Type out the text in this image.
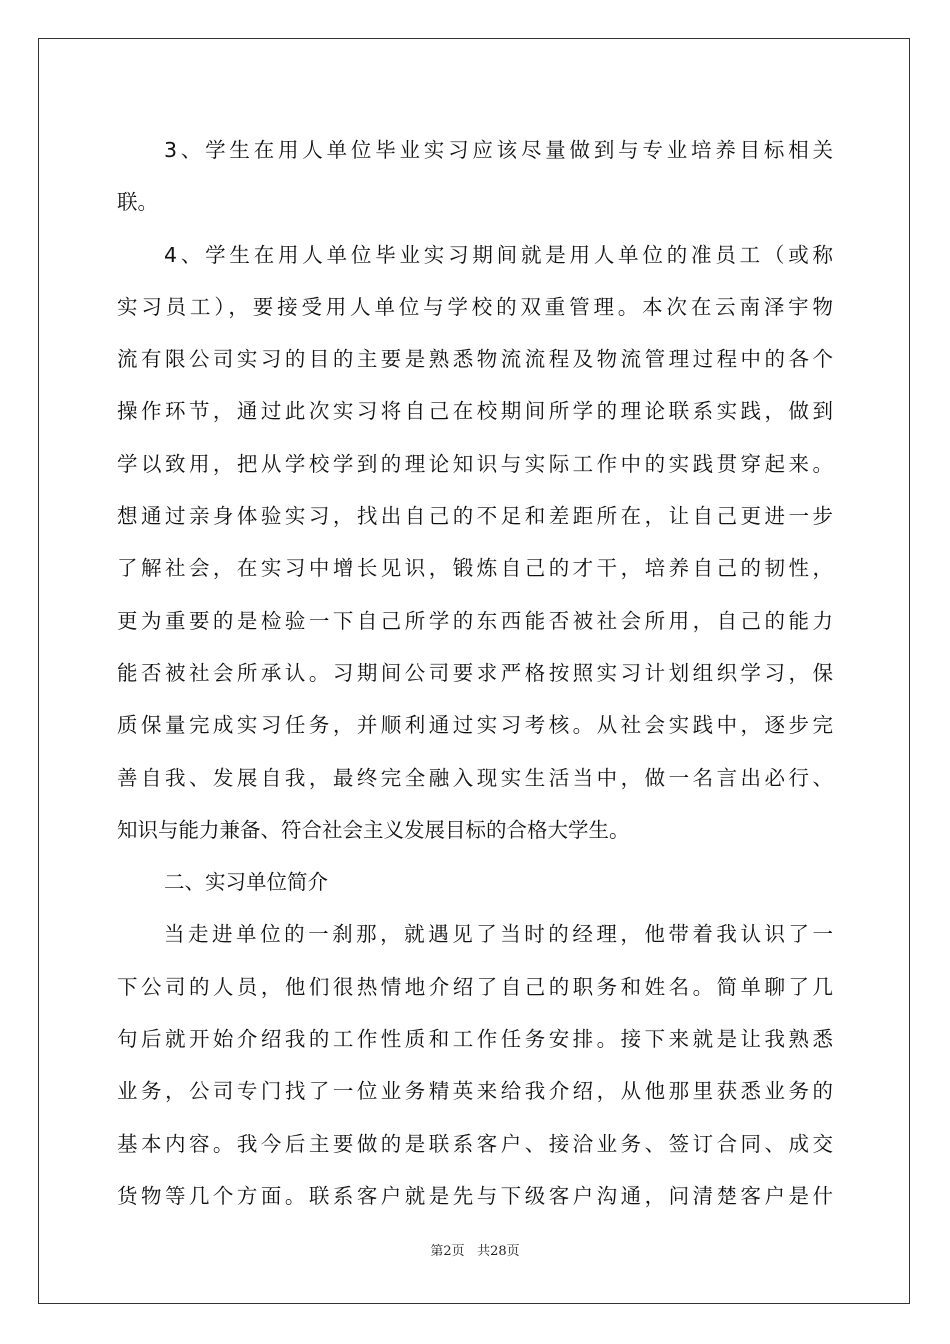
3、学生在用人单位毕业实习应该尽量做到与专业培养目标相关
联。
4、学生在用人单位毕业实习期间就是用人单位的准员工（或称
实习员工），要接受用人单位与学校的双重管理。本次在云南泽宇物
流有限公司实习的目的主要是熟悉物流流程及物流管理过程中的各个
操作环节，通过此次实习将自己在校期间所学的理论联系实践，做到
学以致用，把从学校学到的理论知识与实际工作中的实践贯穿起来。
想通过亲身体验实习，找出自己的不足和差距所在，让自己更进一步
了解社会，在实习中增长见识，锻炼自己的才干，培养自己的韧性，
更为重要的是检验一下自己所学的东西能否被社会所用，自己的能力
能否被社会所承认。习期间公司要求严格按照实习计划组织学习，保
质保量完成实习任务，并顺利通过实习考核。从社会实践中，逐步完
善自我、发展自我，最终完全融入现实生活当中，做一名言出必行、
知识与能力兼备、符合社会主义发展目标的合格大学生。
二、实习单位简介
当走进单位的一刹那，就遇见了当时的经理，他带着我认识了一
下公司的人员，他们很热情地介绍了自己的职务和姓名。简单聊了几
句后就开始介绍我的工作性质和工作任务安排。接下来就是让我熟悉
业务，公司专门找了一位业务精英来给我介绍，从他那里获悉业务的
基本内容。我今后主要做的是联系客户、接洽业务、签订合同、成交
货物等几个方面。联系客户就是先与下级客户沟通，问清楚客户是什
第2页 共28页
